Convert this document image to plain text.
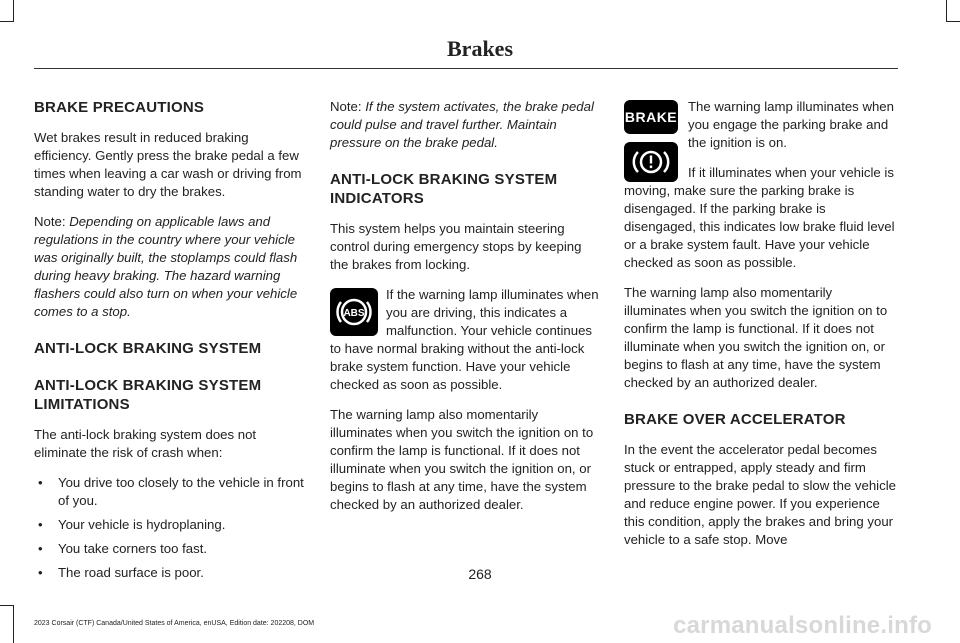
Brakes
BRAKE PRECAUTIONS

Wet brakes result in reduced braking efficiency. Gently press the brake pedal a few times when leaving a car wash or driving from standing water to dry the brakes.

Note: Depending on applicable laws and regulations in the country where your vehicle was originally built, the stoplamps could flash during heavy braking. The hazard warning flashers could also turn on when your vehicle comes to a stop.

ANTI-LOCK BRAKING SYSTEM
ANTI-LOCK BRAKING SYSTEM LIMITATIONS

The anti-lock braking system does not eliminate the risk of crash when:

• You drive too closely to the vehicle in front of you.
• Your vehicle is hydroplaning.
• You take corners too fast.
• The road surface is poor.

Note: If the system activates, the brake pedal could pulse and travel further. Maintain pressure on the brake pedal.

ANTI-LOCK BRAKING SYSTEM INDICATORS

This system helps you maintain steering control during emergency stops by keeping the brakes from locking.

ABS

If the warning lamp illuminates when you are driving, this indicates a malfunction. Your vehicle continues to have normal braking without the anti-lock brake system function. Have your vehicle checked as soon as possible.

The warning lamp also momentarily illuminates when you switch the ignition on to confirm the lamp is functional. If it does not illuminate when you switch the ignition on, or begins to flash at any time, have the system checked by an authorized dealer.

BRAKE

The warning lamp illuminates when you engage the parking brake and the ignition is on.

If it illuminates when your vehicle is moving, make sure the parking brake is disengaged. If the parking brake is disengaged, this indicates low brake fluid level or a brake system fault. Have your vehicle checked as soon as possible.

The warning lamp also momentarily illuminates when you switch the ignition on to confirm the lamp is functional. If it does not illuminate when you switch the ignition on, or begins to flash at any time, have the system checked by an authorized dealer.

BRAKE OVER ACCELERATOR

In the event the accelerator pedal becomes stuck or entrapped, apply steady and firm pressure to the brake pedal to slow the vehicle and reduce engine power. If you experience this condition, apply the brakes and bring your vehicle to a safe stop. Move

268
2023 Corsair (CTF) Canada/United States of America, enUSA, Edition date: 202208, DOM	carmanualsonline.info
